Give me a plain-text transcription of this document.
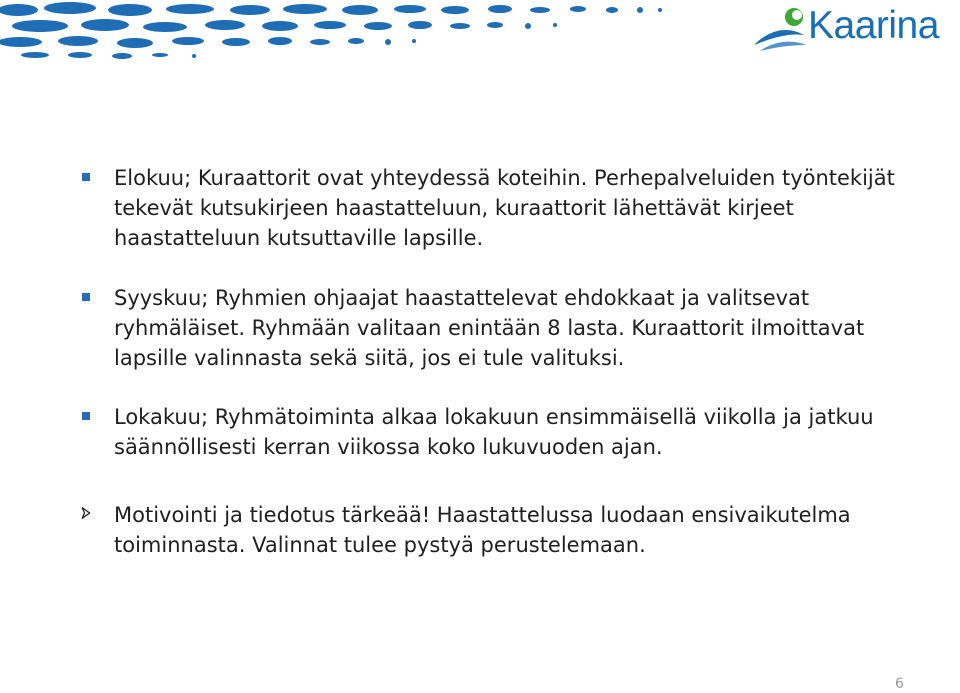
Kaarina

Elokuu; Kuraattorit ovat yhteydessä koteihin. Perhepalveluiden työntekijät tekevät kutsukirjeen haastatteluun, kuraattorit lähettävät kirjeet haastatteluun kutsuttaville lapsille.

Syyskuu; Ryhmien ohjaajat haastattelevat ehdokkaat ja valitsevat ryhmäläiset. Ryhmään valitaan enintään 8 lasta. Kuraattorit ilmoittavat lapsille valinnasta sekä siitä, jos ei tule valituksi.

Lokakuu; Ryhmätoiminta alkaa lokakuun ensimmäisellä viikolla ja jatkuu säännöllisesti kerran viikossa koko lukuvuoden ajan.

Motivointi ja tiedotus tärkeää! Haastattelussa luodaan ensivaikutelma toiminnasta. Valinnat tulee pystyä perustelemaan.

6
